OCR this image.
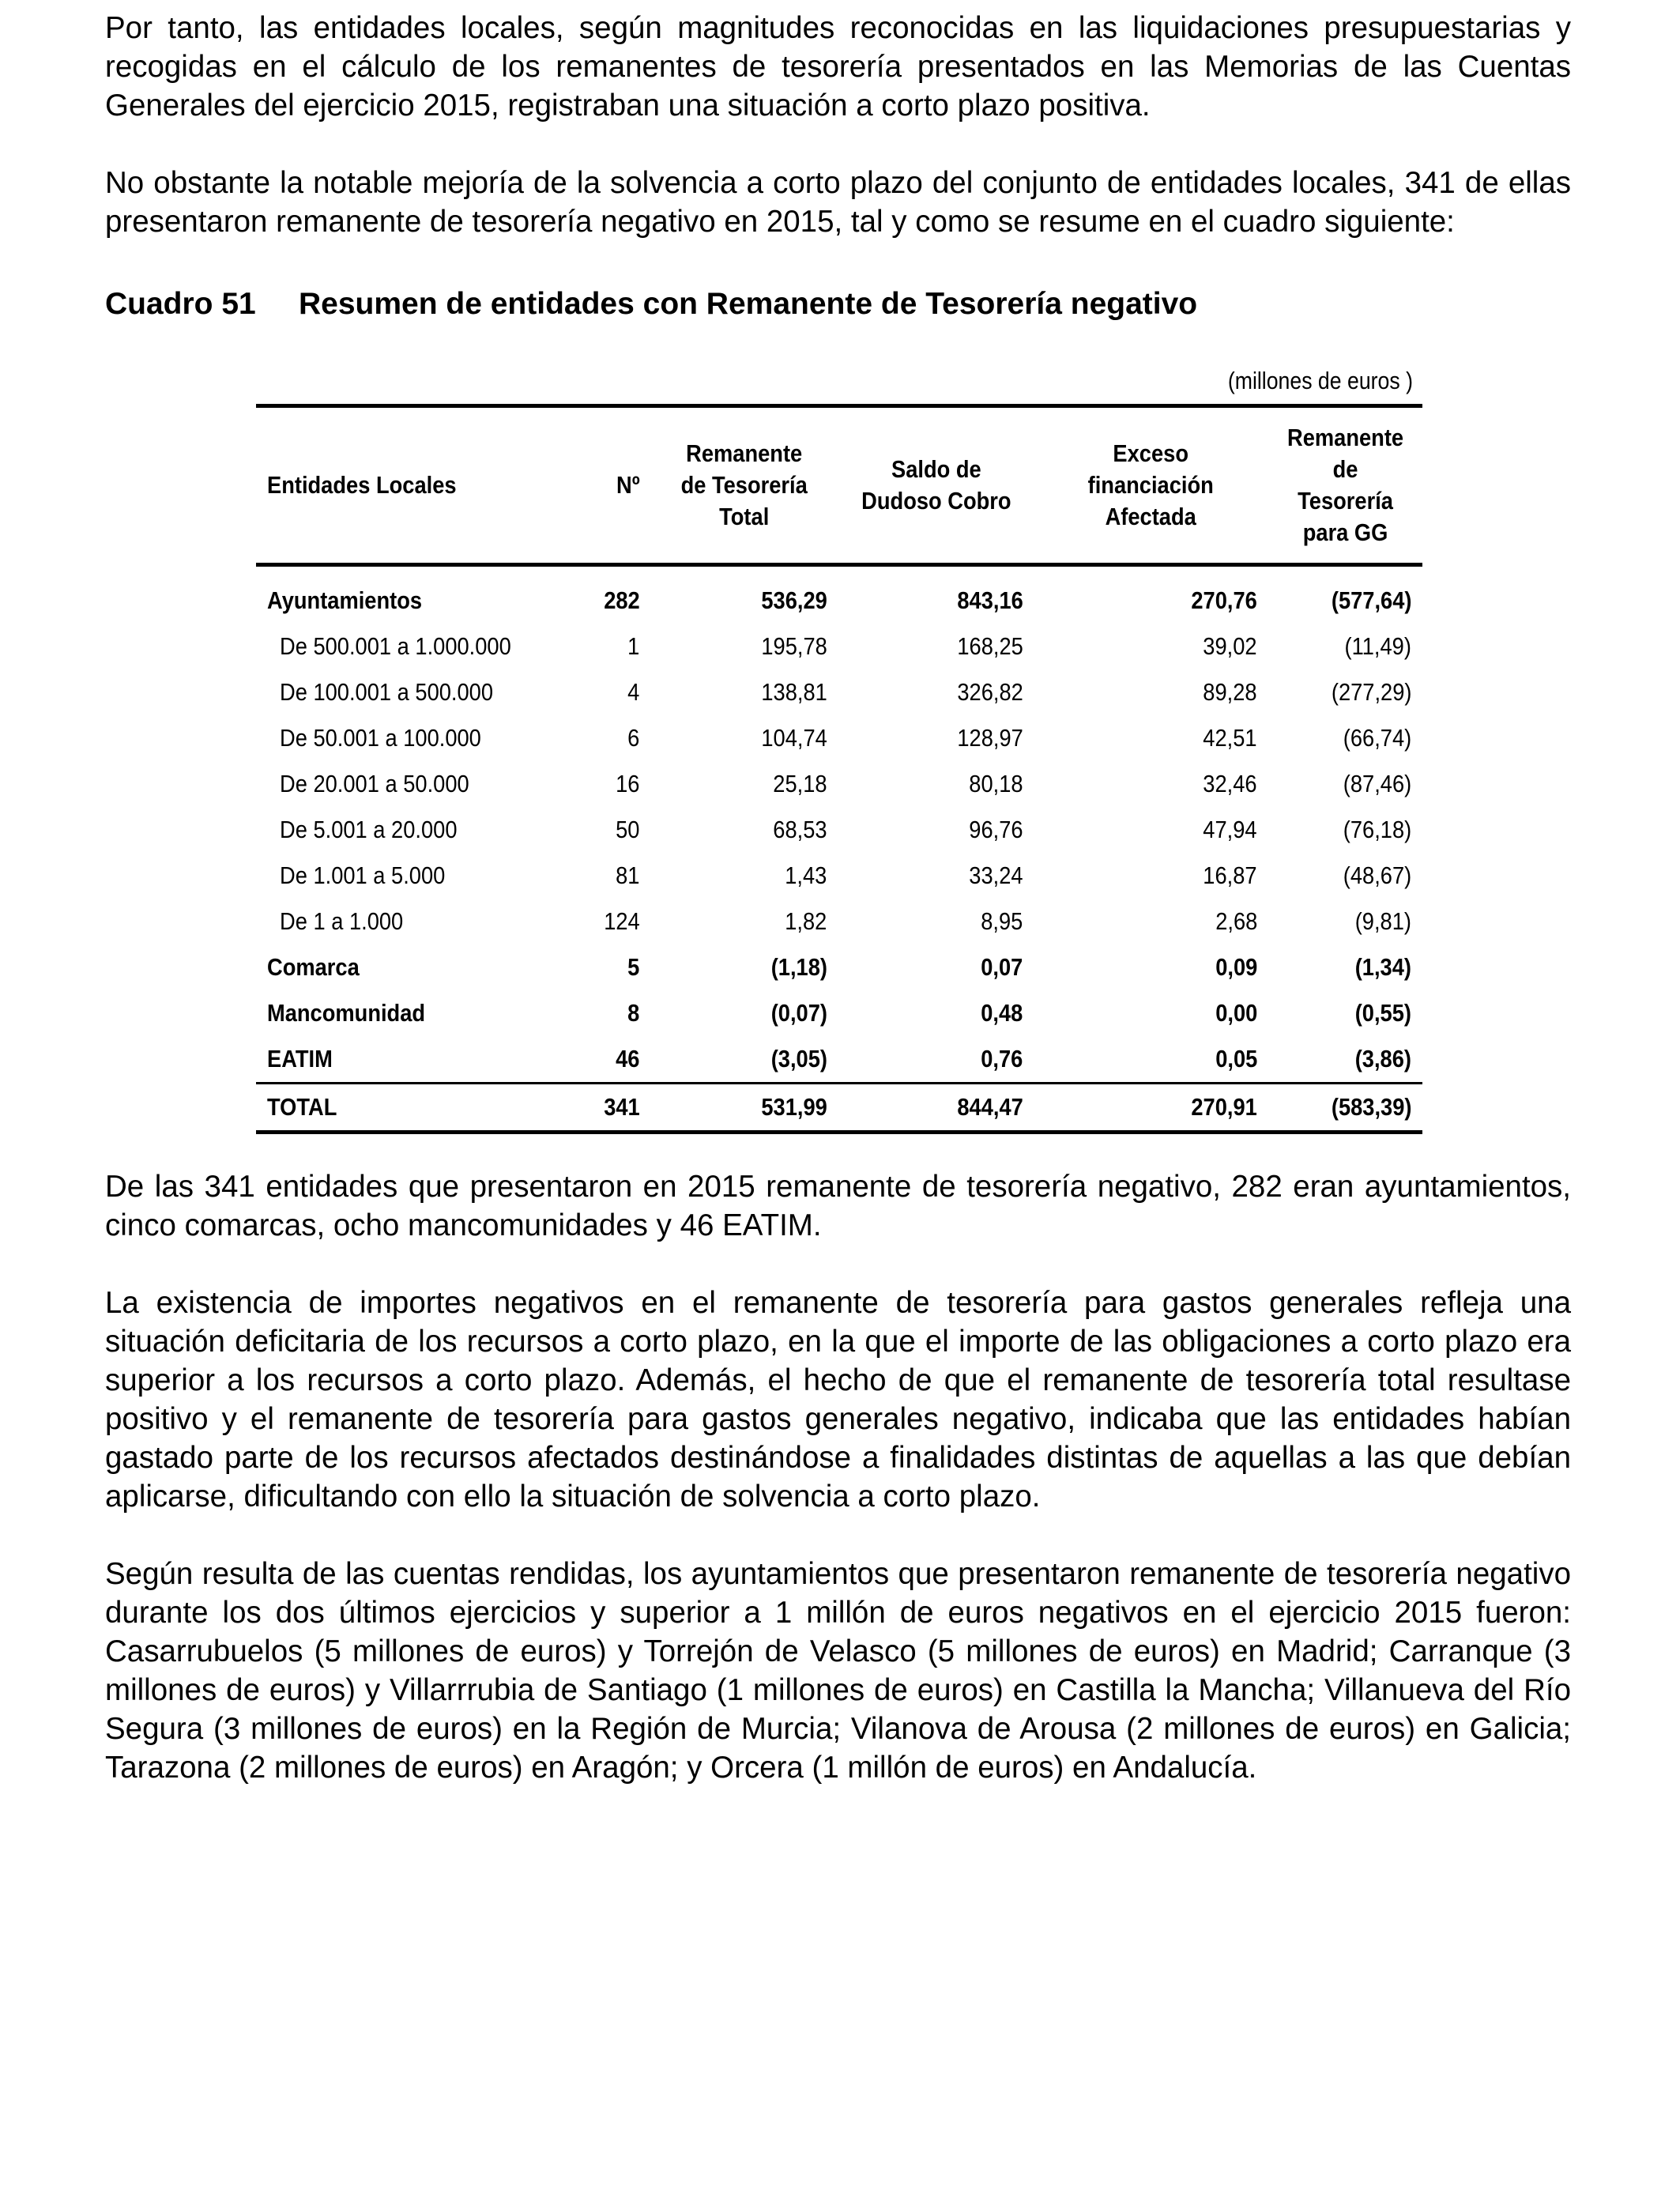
Por tanto, las entidades locales, según magnitudes reconocidas en las liquidaciones presupuestarias y recogidas en el cálculo de los remanentes de tesorería presentados en las Memorias de las Cuentas Generales del ejercicio 2015, registraban una situación a corto plazo positiva.

No obstante la notable mejoría de la solvencia a corto plazo del conjunto de entidades locales, 341 de ellas presentaron remanente de tesorería negativo en 2015, tal y como se resume en el cuadro siguiente:

Cuadro 51 Resumen de entidades con Remanente de Tesorería negativo
(millones de euros )
Entidades Locales	Nº	Remanente de Tesorería Total	Saldo de Dudoso Cobro	Exceso financiación Afectada	Remanente de Tesorería para GG
Ayuntamientos	282	536,29	843,16	270,76	(577,64)
De 500.001 a 1.000.000	1	195,78	168,25	39,02	(11,49)
De 100.001 a 500.000	4	138,81	326,82	89,28	(277,29)
De 50.001 a 100.000	6	104,74	128,97	42,51	(66,74)
De 20.001 a 50.000	16	25,18	80,18	32,46	(87,46)
De 5.001 a 20.000	50	68,53	96,76	47,94	(76,18)
De 1.001 a 5.000	81	1,43	33,24	16,87	(48,67)
De 1 a 1.000	124	1,82	8,95	2,68	(9,81)
Comarca	5	(1,18)	0,07	0,09	(1,34)
Mancomunidad	8	(0,07)	0,48	0,00	(0,55)
EATIM	46	(3,05)	0,76	0,05	(3,86)
TOTAL	341	531,99	844,47	270,91	(583,39)

De las 341 entidades que presentaron en 2015 remanente de tesorería negativo, 282 eran ayuntamientos, cinco comarcas, ocho mancomunidades y 46 EATIM.

La existencia de importes negativos en el remanente de tesorería para gastos generales refleja una situación deficitaria de los recursos a corto plazo, en la que el importe de las obligaciones a corto plazo era superior a los recursos a corto plazo. Además, el hecho de que el remanente de tesorería total resultase positivo y el remanente de tesorería para gastos generales negativo, indicaba que las entidades habían gastado parte de los recursos afectados destinándose a finalidades distintas de aquellas a las que debían aplicarse, dificultando con ello la situación de solvencia a corto plazo.

Según resulta de las cuentas rendidas, los ayuntamientos que presentaron remanente de tesorería negativo durante los dos últimos ejercicios y superior a 1 millón de euros negativos en el ejercicio 2015 fueron: Casarrubuelos (5 millones de euros) y Torrejón de Velasco (5 millones de euros) en Madrid; Carranque (3 millones de euros) y Villarrrubia de Santiago (1 millones de euros) en Castilla la Mancha; Villanueva del Río Segura (3 millones de euros) en la Región de Murcia; Vilanova de Arousa (2 millones de euros) en Galicia; Tarazona (2 millones de euros) en Aragón; y Orcera (1 millón de euros) en Andalucía.
